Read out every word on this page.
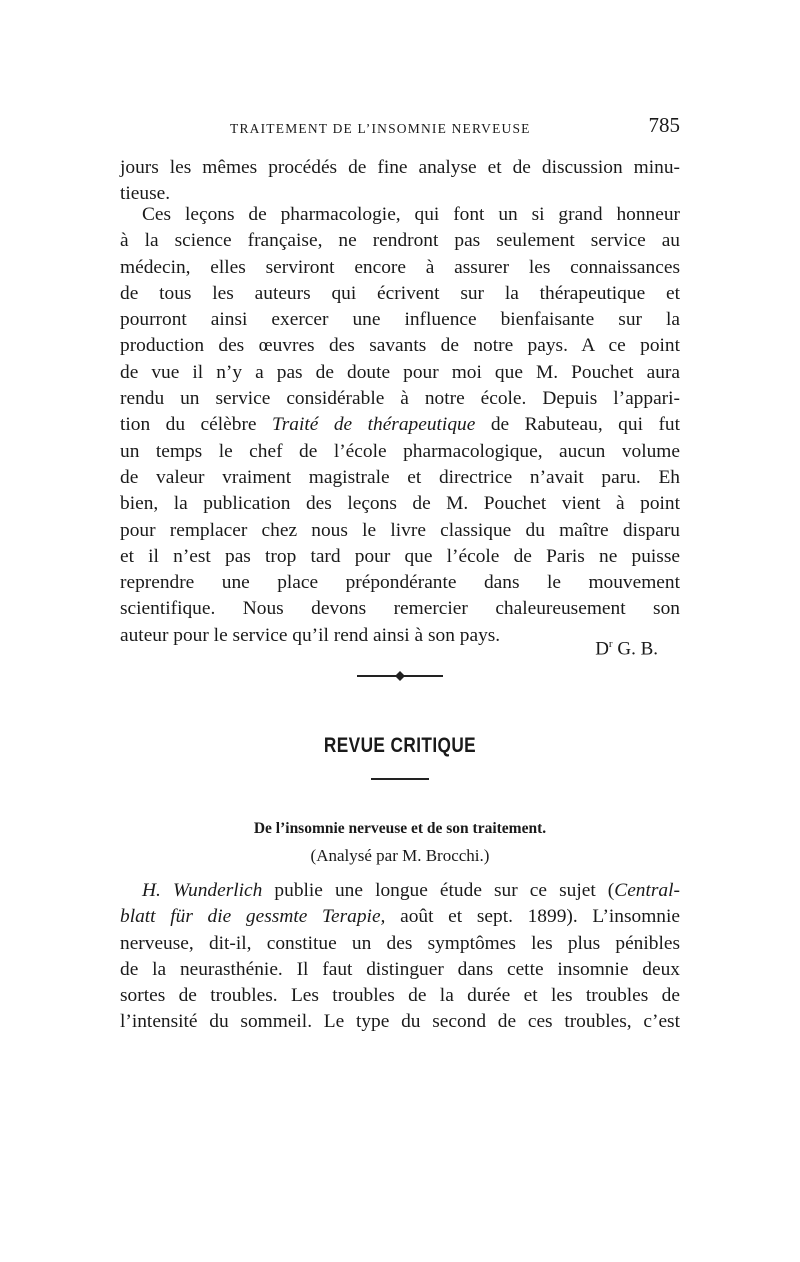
TRAITEMENT DE L’INSOMNIE NERVEUSE	785
jours les mêmes procédés de fine analyse et de discussion minu-
tieuse.
Ces leçons de pharmacologie, qui font un si grand honneur
à la science française, ne rendront pas seulement service au
médecin, elles serviront encore à assurer les connaissances
de tous les auteurs qui écrivent sur la thérapeutique et
pourront ainsi exercer une influence bienfaisante sur la
production des œuvres des savants de notre pays. A ce point
de vue il n’y a pas de doute pour moi que M. Pouchet aura
rendu un service considérable à notre école. Depuis l’appari-
tion du célèbre Traité de thérapeutique de Rabuteau, qui fut
un temps le chef de l’école pharmacologique, aucun volume
de valeur vraiment magistrale et directrice n’avait paru. Eh
bien, la publication des leçons de M. Pouchet vient à point
pour remplacer chez nous le livre classique du maître disparu
et il n’est pas trop tard pour que l’école de Paris ne puisse
reprendre une place prépondérante dans le mouvement
scientifique. Nous devons remercier chaleureusement son
auteur pour le service qu’il rend ainsi à son pays.
$D^r$ G. B.
REVUE CRITIQUE
De l’insomnie nerveuse et de son traitement.
(Analysé par M. Brocchi.)
H. Wunderlich publie une longue étude sur ce sujet (Central-
blatt für die gessmte Terapie, août et sept. 1899). L’insomnie
nerveuse, dit-il, constitue un des symptômes les plus pénibles
de la neurasthénie. Il faut distinguer dans cette insomnie deux
sortes de troubles. Les troubles de la durée et les troubles de
l’intensité du sommeil. Le type du second de ces troubles, c’est
